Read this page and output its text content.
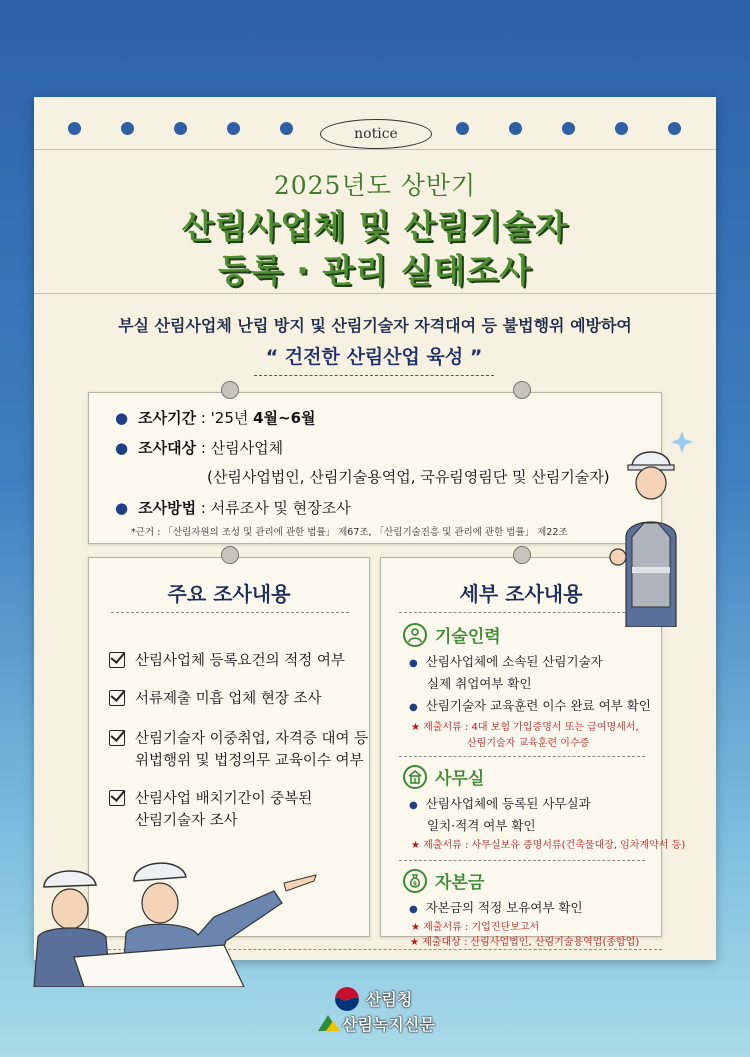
notice
2025년도 상반기
산림사업체 및 산림기술자
등록 · 관리 실태조사
부실 산림사업체 난립 방지 및 산림기술자 자격대여 등 불법행위 예방하여
“ 건전한 산림산업 육성 ”
● 조사기간 : '25년 4월~6월
● 조사대상 : 산림사업체
(산림사업법인, 산림기술용역업, 국유림영림단 및 산림기술자)
● 조사방법 : 서류조사 및 현장조사
*근거 : 「산림자원의 조성 및 관리에 관한 법률」 제67조, 「산림기술진흥 및 관리에 관한 법률」 제22조
주요 조사내용
산림사업체 등록요건의 적정 여부
서류제출 미흡 업체 현장 조사
산림기술자 이중취업, 자격증 대여 등
위법행위 및 법정의무 교육이수 여부
산림사업 배치기간이 중복된
산림기술자 조사
세부 조사내용
기술인력
● 산림사업체에 소속된 산림기술자
실제 취업여부 확인
● 산림기술자 교육훈련 이수 완료 여부 확인
★ 제출서류 : 4대 보험 가입증명서 또는 급여명세서,
산림기술자 교육훈련 이수증
사무실
● 산림사업체에 등록된 사무실과
일치·적격 여부 확인
★ 제출서류 : 사무실보유 증명서류(건축물대장, 임차계약서 등)
$ 자본금
● 자본금의 적정 보유여부 확인
★ 제출서류 : 기업진단보고서
★ 제출대상 : 산림사업법인, 산림기술용역업(종합업)
산림청
산림녹지신문
